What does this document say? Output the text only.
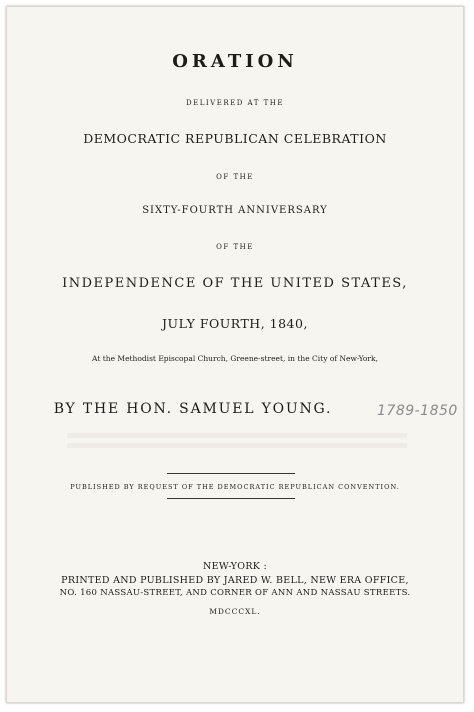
ORATION
DELIVERED AT THE
DEMOCRATIC REPUBLICAN CELEBRATION
OF THE
SIXTY-FOURTH ANNIVERSARY
OF THE
INDEPENDENCE OF THE UNITED STATES,
JULY FOURTH, 1840,
At the Methodist Episcopal Church, Greene-street, in the City of New-York,
BY THE HON. SAMUEL YOUNG.	1789-1850
PUBLISHED BY REQUEST OF THE DEMOCRATIC REPUBLICAN CONVENTION.
NEW-YORK :
PRINTED AND PUBLISHED BY JARED W. BELL, NEW ERA OFFICE,
NO. 160 NASSAU-STREET, AND CORNER OF ANN AND NASSAU STREETS.
MDCCCXL.
